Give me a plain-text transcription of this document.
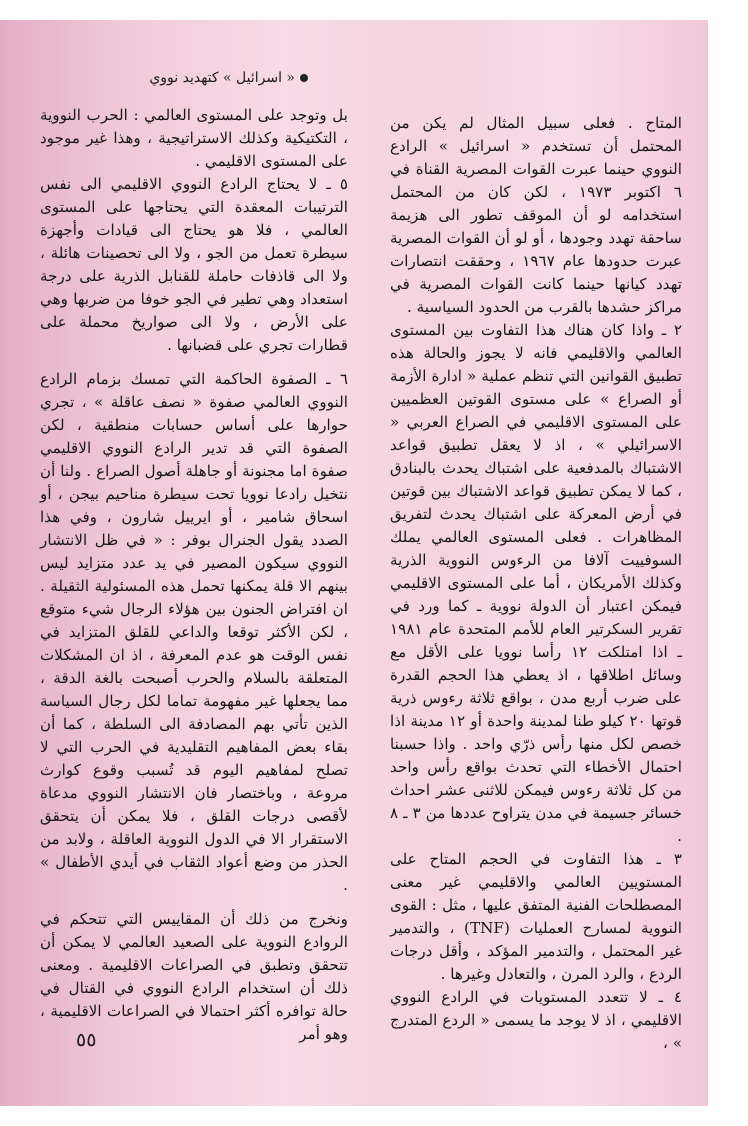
« اسرائيل » كتهديد نووي

المتاح . فعلى سبيل المثال لم يكن من المحتمل أن تستخدم « اسرائيل » الرادع النووي حينما عبرت القوات المصرية القناة في ٦ اكتوبر ١٩٧٣ ، لكن كان من المحتمل استخدامه لو أن الموقف تطور الى هزيمة ساحقة تهدد وجودها ، أو لو أن القوات المصرية عبرت حدودها عام ١٩٦٧ ، وحققت انتصارات تهدد كيانها حينما كانت القوات المصرية في مراكز حشدها بالقرب من الحدود السياسية .

٢ ـ واذا كان هناك هذا التفاوت بين المستوى العالمي والاقليمي فانه لا يجوز والحالة هذه تطبيق القوانين التي تنظم عملية « ادارة الأزمة أو الصراع » على مستوى القوتين العظميين على المستوى الاقليمي في الصراع العربي « الاسرائيلي » ، اذ لا يعقل تطبيق قواعد الاشتباك بالمدفعية على اشتباك يحدث بالبنادق ، كما لا يمكن تطبيق قواعد الاشتباك بين قوتين في أرض المعركة على اشتباك يحدث لتفريق المظاهرات . فعلى المستوى العالمي يملك السوفييت آلافا من الرءوس النووية الذرية وكذلك الأمريكان ، أما على المستوى الاقليمي فيمكن اعتبار أن الدولة نووية ـ كما ورد في تقرير السكرتير العام للأمم المتحدة عام ١٩٨١ ـ اذا امتلكت ١٢ رأسا نوويا على الأقل مع وسائل اطلاقها ، اذ يعطي هذا الحجم القدرة على ضرب أربع مدن ، بواقع ثلاثة رءوس ذرية قوتها ٢٠ كيلو طنا لمدينة واحدة أو ١٢ مدينة اذا خصص لكل منها رأس ذرّي واحد . واذا حسبنا احتمال الأخطاء التي تحدث بواقع رأس واحد من كل ثلاثة رءوس فيمكن للاثنى عشر احداث خسائر جسيمة في مدن يتراوح عددها من ٣ ـ ٨ .

٣ ـ هذا التفاوت في الحجم المتاح على المستويين العالمي والاقليمي غير معنى المصطلحات الفنية المتفق عليها ، مثل : القوى النووية لمسارح العمليات (TNF) ، والتدمير غير المحتمل ، والتدمير المؤكد ، وأقل درجات الردع ، والرد المرن ، والتعادل وغيرها .

٤ ـ لا تتعدد المستويات في الرادع النووي الاقليمي ، اذ لا يوجد ما يسمى « الردع المتدرج » ،

بل وتوجد على المستوى العالمي : الحرب النووية ، التكتيكية وكذلك الاستراتيجية ، وهذا غير موجود على المستوى الاقليمي .

٥ ـ لا يحتاج الرادع النووي الاقليمي الى نفس الترتيبات المعقدة التي يحتاجها على المستوى العالمي ، فلا هو يحتاج الى قيادات وأجهزة سيطرة تعمل من الجو ، ولا الى تحصينات هائلة ، ولا الى قاذفات حاملة للقنابل الذرية على درجة استعداد وهي تطير في الجو خوفا من ضربها وهي على الأرض ، ولا الى صواريخ محملة على قطارات تجري على قضبانها .

٦ ـ الصفوة الحاكمة التي تمسك بزمام الرادع النووي العالمي صفوة « نصف عاقلة » ، تجري حوارها على أساس حسابات منطقية ، لكن الصفوة التي قد تدير الرادع النووي الاقليمي صفوة اما مجنونة أو جاهلة أصول الصراع . ولنا أن نتخيل رادعا نوويا تحت سيطرة مناحيم بيجن ، أو اسحاق شامير ، أو ايرييل شارون ، وفي هذا الصدد يقول الجنرال بوفر : « في ظل الانتشار النووي سيكون المصير في يد عدد متزايد ليس بينهم الا قلة يمكنها تحمل هذه المسئولية الثقيلة . ان افتراض الجنون بين هؤلاء الرجال شيء متوقع ، لكن الأكثر توقعا والداعي للقلق المتزايد في نفس الوقت هو عدم المعرفة ، اذ ان المشكلات المتعلقة بالسلام والحرب أصبحت بالغة الدقة ، مما يجعلها غير مفهومة تماما لكل رجال السياسة الذين تأتي بهم المصادفة الى السلطة ، كما أن بقاء بعض المفاهيم التقليدية في الحرب التي لا تصلح لمفاهيم اليوم قد تُسبب وقوع كوارث مروعة ، وباختصار فان الانتشار النووي مدعاة لأقصى درجات القلق ، فلا يمكن أن يتحقق الاستقرار الا في الدول النووية العاقلة ، ولابد من الحذر من وضع أعواد الثقاب في أيدي الأطفال » .

ونخرج من ذلك أن المقاييس التي تتحكم في الروادع النووية على الصعيد العالمي لا يمكن أن تتحقق وتطبق في الصراعات الاقليمية . ومعنى ذلك أن استخدام الرادع النووي في القتال في حالة توافره أكثر احتمالا في الصراعات الاقليمية ، وهو أمر

٥٥
